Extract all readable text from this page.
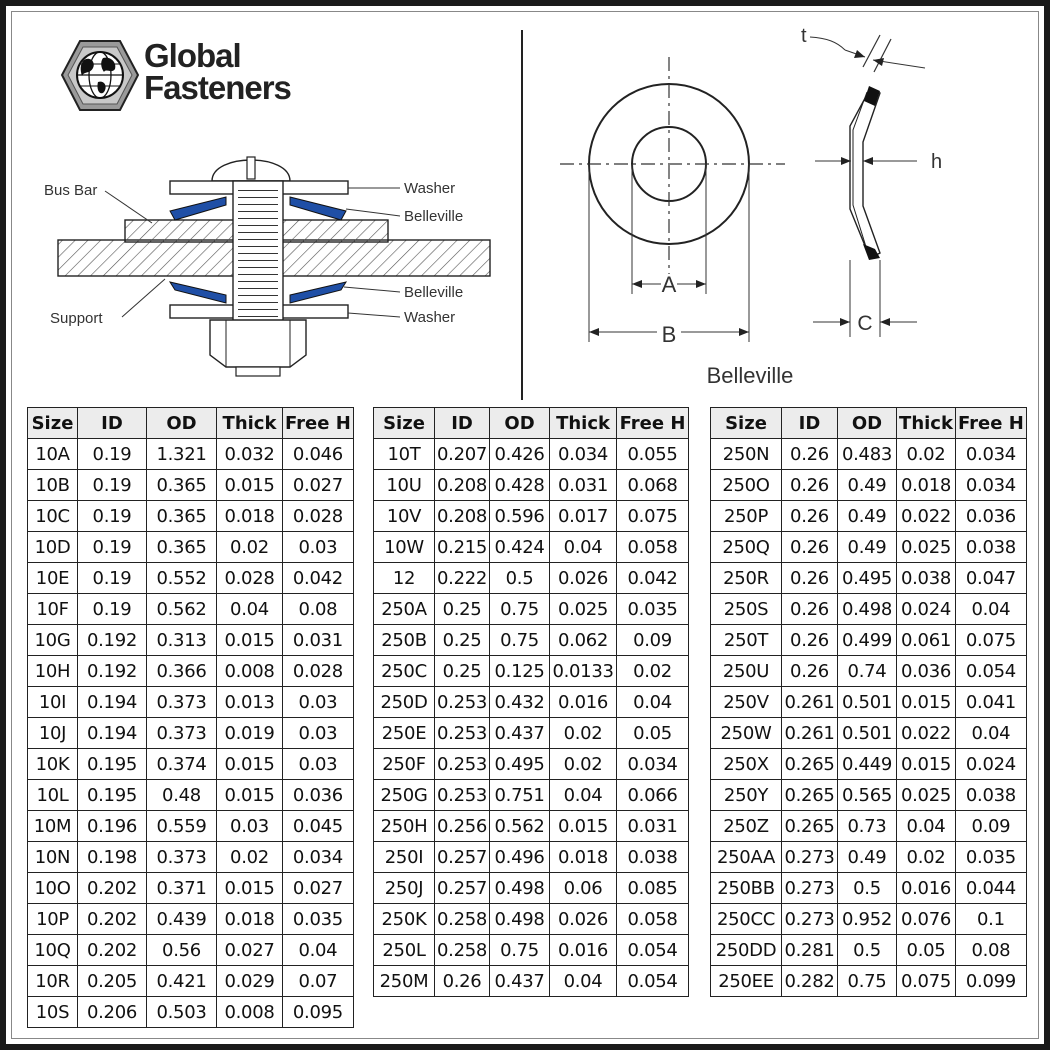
Global
Fasteners
Bus Bar
Support
Washer
Belleville
Belleville
Washer
A
B
Belleville
t
h
C
Size	ID	OD	Thick	Free H
10A	0.19	1.321	0.032	0.046
10B	0.19	0.365	0.015	0.027
10C	0.19	0.365	0.018	0.028
10D	0.19	0.365	0.02	0.03
10E	0.19	0.552	0.028	0.042
10F	0.19	0.562	0.04	0.08
10G	0.192	0.313	0.015	0.031
10H	0.192	0.366	0.008	0.028
10I	0.194	0.373	0.013	0.03
10J	0.194	0.373	0.019	0.03
10K	0.195	0.374	0.015	0.03
10L	0.195	0.48	0.015	0.036
10M	0.196	0.559	0.03	0.045
10N	0.198	0.373	0.02	0.034
10O	0.202	0.371	0.015	0.027
10P	0.202	0.439	0.018	0.035
10Q	0.202	0.56	0.027	0.04
10R	0.205	0.421	0.029	0.07
10S	0.206	0.503	0.008	0.095
Size	ID	OD	Thick	Free H
10T	0.207	0.426	0.034	0.055
10U	0.208	0.428	0.031	0.068
10V	0.208	0.596	0.017	0.075
10W	0.215	0.424	0.04	0.058
12	0.222	0.5	0.026	0.042
250A	0.25	0.75	0.025	0.035
250B	0.25	0.75	0.062	0.09
250C	0.25	0.125	0.0133	0.02
250D	0.253	0.432	0.016	0.04
250E	0.253	0.437	0.02	0.05
250F	0.253	0.495	0.02	0.034
250G	0.253	0.751	0.04	0.066
250H	0.256	0.562	0.015	0.031
250I	0.257	0.496	0.018	0.038
250J	0.257	0.498	0.06	0.085
250K	0.258	0.498	0.026	0.058
250L	0.258	0.75	0.016	0.054
250M	0.26	0.437	0.04	0.054
Size	ID	OD	Thick	Free H
250N	0.26	0.483	0.02	0.034
250O	0.26	0.49	0.018	0.034
250P	0.26	0.49	0.022	0.036
250Q	0.26	0.49	0.025	0.038
250R	0.26	0.495	0.038	0.047
250S	0.26	0.498	0.024	0.04
250T	0.26	0.499	0.061	0.075
250U	0.26	0.74	0.036	0.054
250V	0.261	0.501	0.015	0.041
250W	0.261	0.501	0.022	0.04
250X	0.265	0.449	0.015	0.024
250Y	0.265	0.565	0.025	0.038
250Z	0.265	0.73	0.04	0.09
250AA	0.273	0.49	0.02	0.035
250BB	0.273	0.5	0.016	0.044
250CC	0.273	0.952	0.076	0.1
250DD	0.281	0.5	0.05	0.08
250EE	0.282	0.75	0.075	0.099
